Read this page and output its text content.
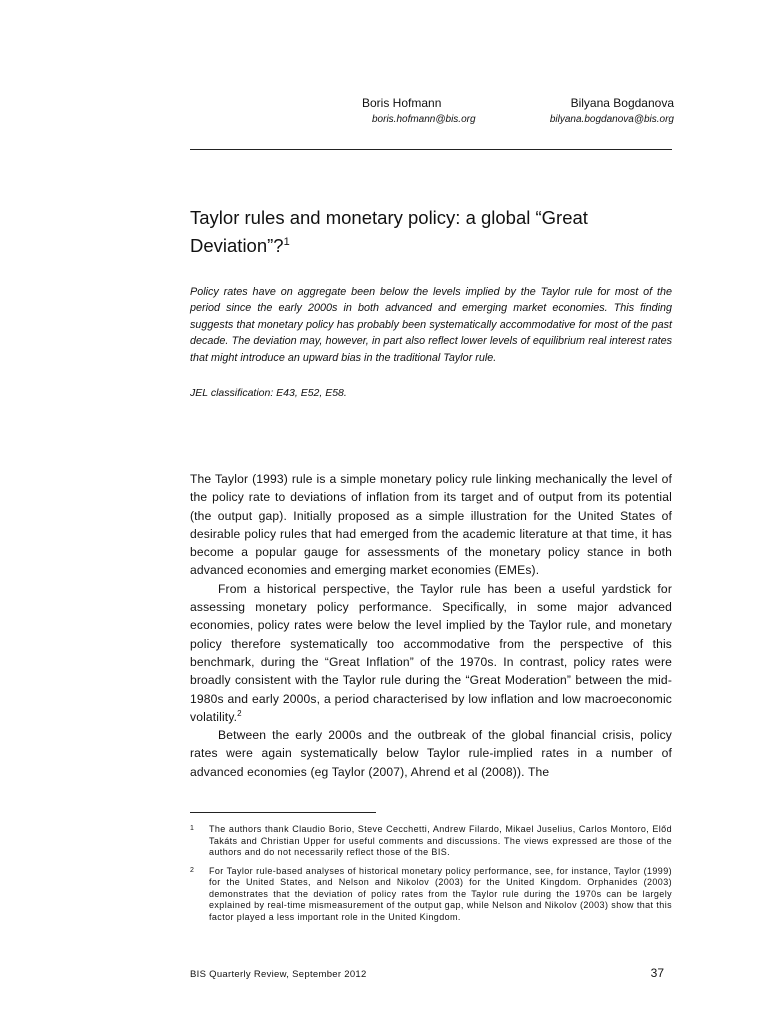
Boris Hofmann	Bilyana Bogdanova
boris.hofmann@bis.org	bilyana.bogdanova@bis.org
Taylor rules and monetary policy: a global “Great Deviation”?$^1$

Policy rates have on aggregate been below the levels implied by the Taylor rule for most of the period since the early 2000s in both advanced and emerging market economies. This finding suggests that monetary policy has probably been systematically accommodative for most of the past decade. The deviation may, however, in part also reflect lower levels of equilibrium real interest rates that might introduce an upward bias in the traditional Taylor rule.

JEL classification: E43, E52, E58.

The Taylor (1993) rule is a simple monetary policy rule linking mechanically the level of the policy rate to deviations of inflation from its target and of output from its potential (the output gap). Initially proposed as a simple illustration for the United States of desirable policy rules that had emerged from the academic literature at that time, it has become a popular gauge for assessments of the monetary policy stance in both advanced economies and emerging market economies (EMEs).

From a historical perspective, the Taylor rule has been a useful yardstick for assessing monetary policy performance. Specifically, in some major advanced economies, policy rates were below the level implied by the Taylor rule, and monetary policy therefore systematically too accommodative from the perspective of this benchmark, during the “Great Inflation” of the 1970s. In contrast, policy rates were broadly consistent with the Taylor rule during the “Great Moderation” between the mid-1980s and early 2000s, a period characterised by low inflation and low macroeconomic volatility.$^2$

Between the early 2000s and the outbreak of the global financial crisis, policy rates were again systematically below Taylor rule-implied rates in a number of advanced economies (eg Taylor (2007), Ahrend et al (2008)). The

1	The authors thank Claudio Borio, Steve Cecchetti, Andrew Filardo, Mikael Juselius, Carlos Montoro, Előd Takáts and Christian Upper for useful comments and discussions. The views expressed are those of the authors and do not necessarily reflect those of the BIS.
2	For Taylor rule-based analyses of historical monetary policy performance, see, for instance, Taylor (1999) for the United States, and Nelson and Nikolov (2003) for the United Kingdom. Orphanides (2003) demonstrates that the deviation of policy rates from the Taylor rule during the 1970s can be largely explained by real-time mismeasurement of the output gap, while Nelson and Nikolov (2003) show that this factor played a less important role in the United Kingdom.
BIS Quarterly Review, September 2012	37
